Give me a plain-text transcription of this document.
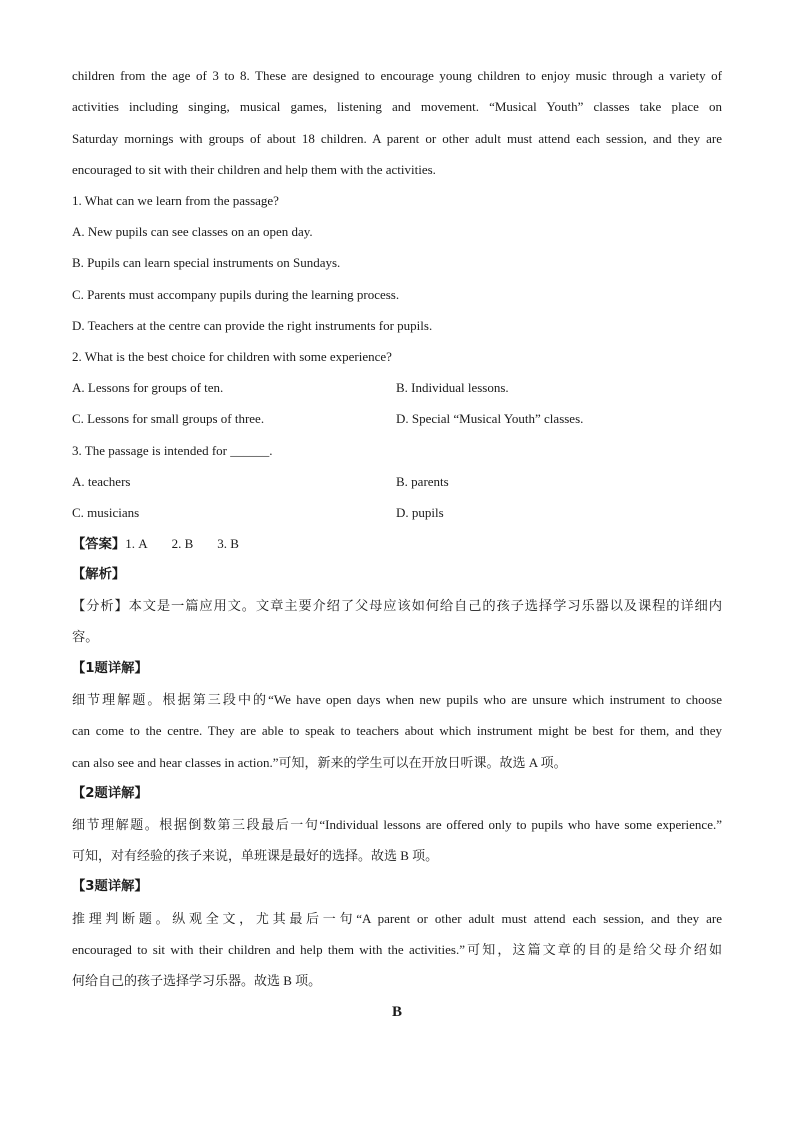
children from the age of 3 to 8. These are designed to encourage young children to enjoy music through a variety of

activities including singing, musical games, listening and movement. “Musical Youth” classes take place on

Saturday mornings with groups of about 18 children. A parent or other adult must attend each session, and they are

encouraged to sit with their children and help them with the activities.

1. What can we learn from the passage?

A. New pupils can see classes on an open day.

B. Pupils can learn special instruments on Sundays.

C. Parents must accompany pupils during the learning process.

D. Teachers at the centre can provide the right instruments for pupils.

2. What is the best choice for children with some experience?

A. Lessons for groups of ten.	B. Individual lessons.

C. Lessons for small groups of three.	D. Special “Musical Youth” classes.

3. The passage is intended for ______.

A. teachers	B. parents

C. musicians	D. pupils

【答案】1. A 2. B 3. B

【解析】

【分析】本文是一篇应用文。文章主要介绍了父母应该如何给自己的孩子选择学习乐器以及课程的详细内

容。

【1题详解】

细节理解题。根据第三段中的“We have open days when new pupils who are unsure which instrument to choose

can come to the centre. They are able to speak to teachers about which instrument might be best for them, and they

can also see and hear classes in action.”可知，新来的学生可以在开放日听课。故选 A 项。

【2题详解】

细节理解题。根据倒数第三段最后一句“Individual lessons are offered only to pupils who have some experience.”

可知，对有经验的孩子来说，单班课是最好的选择。故选 B 项。

【3题详解】

推理判断题。纵观全文，尤其最后一句“A parent or other adult must attend each session, and they are

encouraged to sit with their children and help them with the activities.”可知，这篇文章的目的是给父母介绍如

何给自己的孩子选择学习乐器。故选 B 项。

B
